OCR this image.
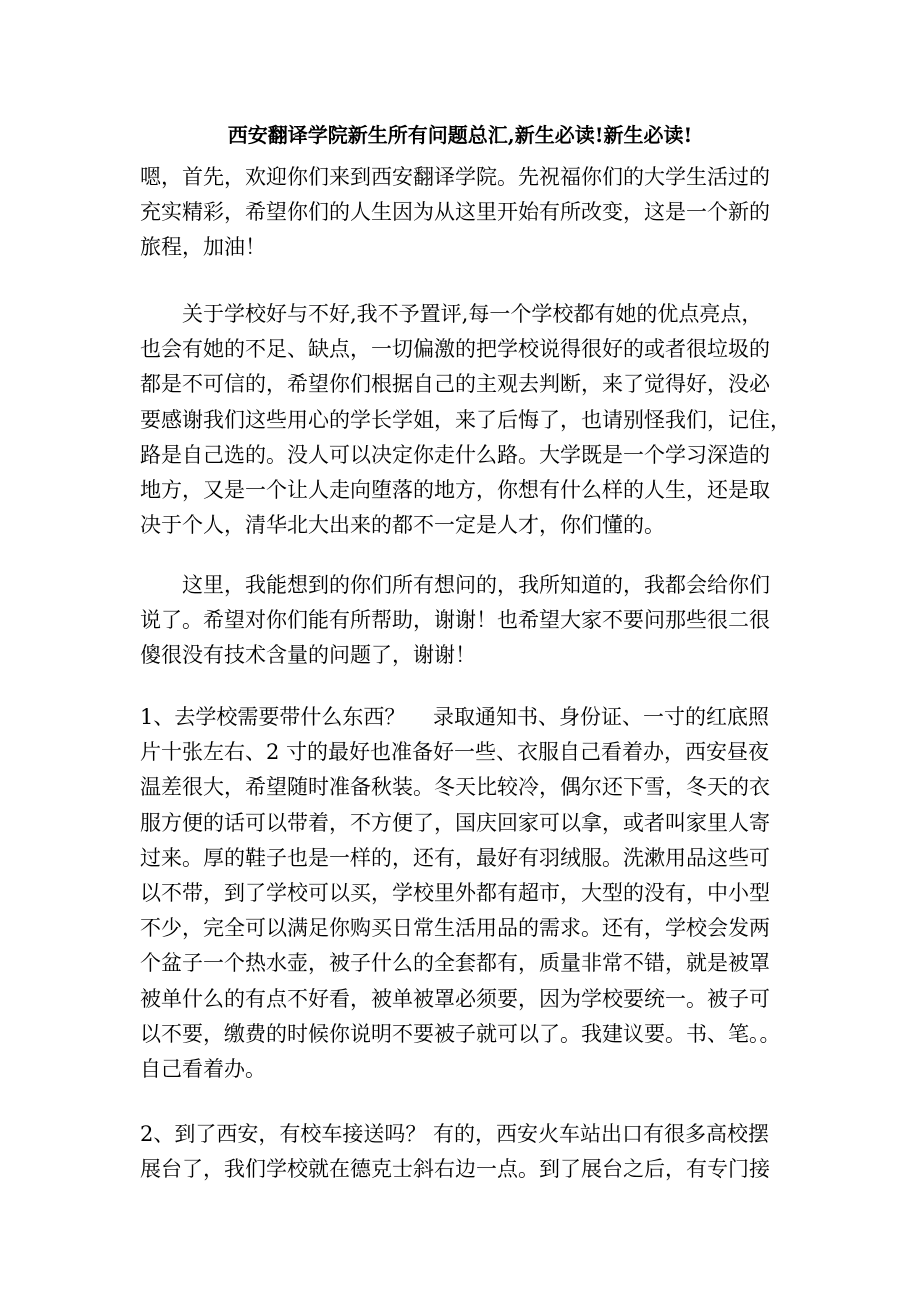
西安翻译学院新生所有问题总汇,新生必读!新生必读!
嗯，首先，欢迎你们来到西安翻译学院。先祝福你们的大学生活过的
充实精彩，希望你们的人生因为从这里开始有所改变，这是一个新的
旅程，加油！
关于学校好与不好,我不予置评,每一个学校都有她的优点亮点，
也会有她的不足、缺点，一切偏激的把学校说得很好的或者很垃圾的
都是不可信的，希望你们根据自己的主观去判断，来了觉得好，没必
要感谢我们这些用心的学长学姐，来了后悔了，也请别怪我们，记住，
路是自己选的。没人可以决定你走什么路。大学既是一个学习深造的
地方，又是一个让人走向堕落的地方，你想有什么样的人生，还是取
决于个人，清华北大出来的都不一定是人才，你们懂的。
这里，我能想到的你们所有想问的，我所知道的，我都会给你们
说了。希望对你们能有所帮助，谢谢！也希望大家不要问那些很二很
傻很没有技术含量的问题了，谢谢！
1、去学校需要带什么东西？　 录取通知书、身份证、一寸的红底照
片十张左右、2 寸的最好也准备好一些、衣服自己看着办，西安昼夜
温差很大，希望随时准备秋装。冬天比较冷，偶尔还下雪，冬天的衣
服方便的话可以带着，不方便了，国庆回家可以拿，或者叫家里人寄
过来。厚的鞋子也是一样的，还有，最好有羽绒服。洗漱用品这些可
以不带，到了学校可以买，学校里外都有超市，大型的没有，中小型
不少，完全可以满足你购买日常生活用品的需求。还有，学校会发两
个盆子一个热水壶，被子什么的全套都有，质量非常不错，就是被罩
被单什么的有点不好看，被单被罩必须要，因为学校要统一。被子可
以不要，缴费的时候你说明不要被子就可以了。我建议要。书、笔。。
自己看着办。
2、到了西安，有校车接送吗？ 有的，西安火车站出口有很多高校摆
展台了，我们学校就在德克士斜右边一点。到了展台之后，有专门接
